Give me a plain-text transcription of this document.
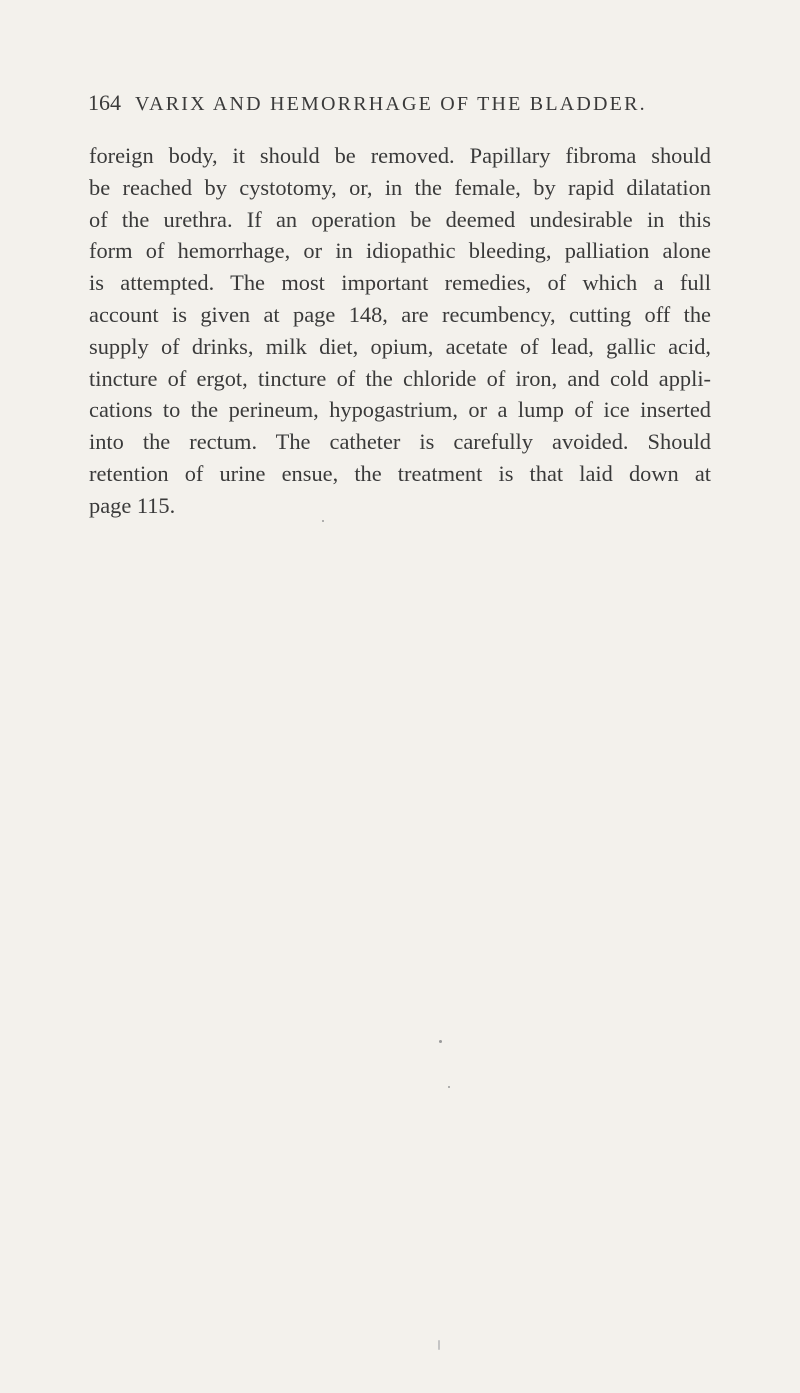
164 VARIX AND HEMORRHAGE OF THE BLADDER.

foreign body, it should be removed. Papillary fibroma should
be reached by cystotomy, or, in the female, by rapid dilatation
of the urethra. If an operation be deemed undesirable in this
form of hemorrhage, or in idiopathic bleeding, palliation alone
is attempted. The most important remedies, of which a full
account is given at page 148, are recumbency, cutting off the
supply of drinks, milk diet, opium, acetate of lead, gallic acid,
tincture of ergot, tincture of the chloride of iron, and cold appli-
cations to the perineum, hypogastrium, or a lump of ice inserted
into the rectum. The catheter is carefully avoided. Should
retention of urine ensue, the treatment is that laid down at
page 115.
